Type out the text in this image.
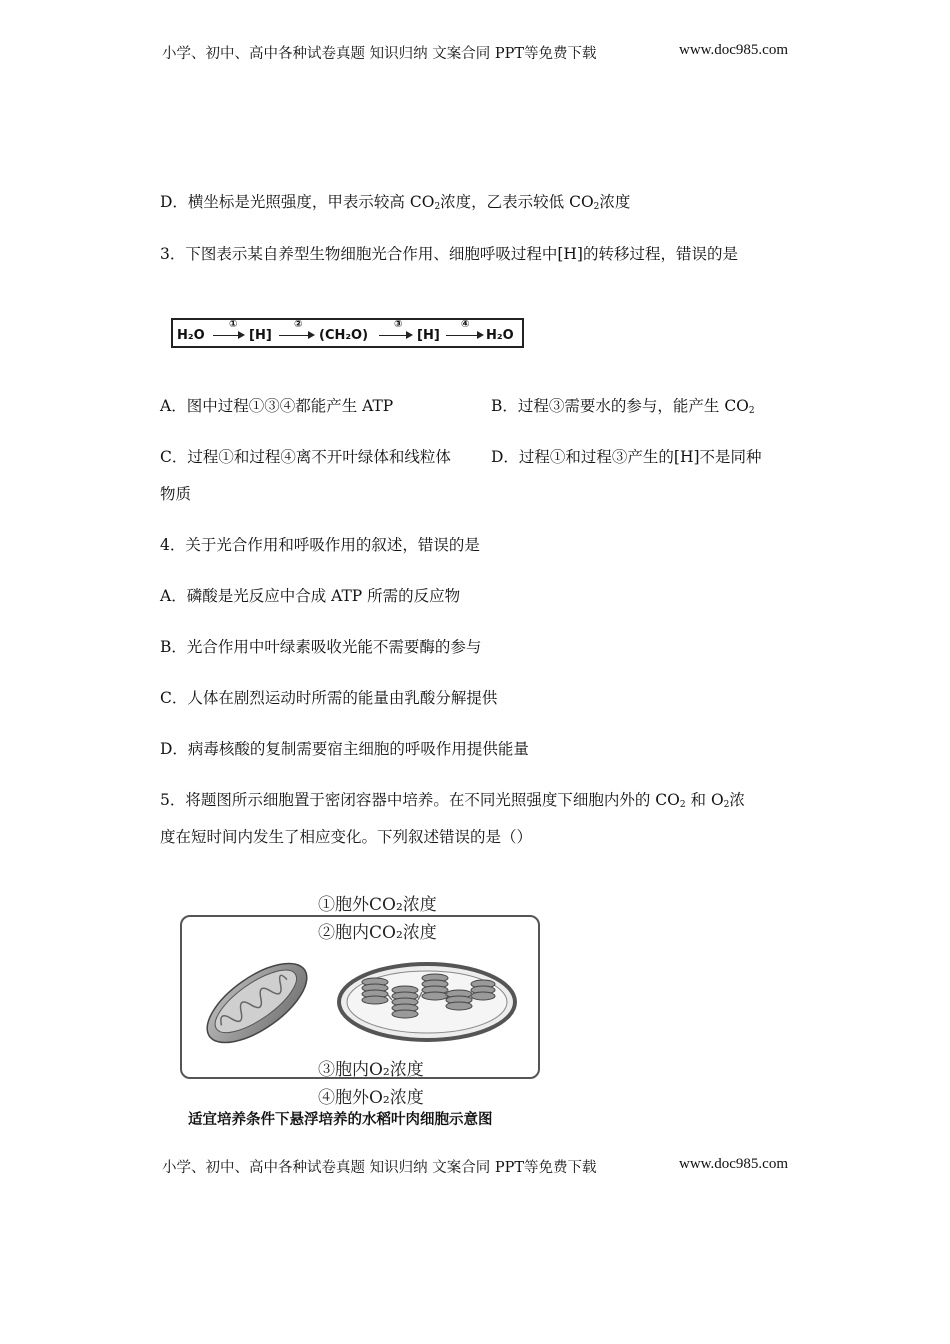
小学、初中、高中各种试卷真题 知识归纳 文案合同 PPT等免费下载	www.doc985.com
D．横坐标是光照强度，甲表示较高 $CO_2$浓度，乙表示较低 $CO_2$浓度
3．下图表示某自养型生物细胞光合作用、细胞呼吸过程中[H]的转移过程，错误的是
H₂O
①
[H]
②
(CH₂O)
③
[H]
④
H₂O
A．图中过程①③④都能产生 ATP	B．过程③需要水的参与，能产生 $CO_2$
C．过程①和过程④离不开叶绿体和线粒体	D．过程①和过程③产生的[H]不是同种
物质
4．关于光合作用和呼吸作用的叙述，错误的是
A．磷酸是光反应中合成 ATP 所需的反应物
B．光合作用中叶绿素吸收光能不需要酶的参与
C．人体在剧烈运动时所需的能量由乳酸分解提供
D．病毒核酸的复制需要宿主细胞的呼吸作用提供能量
5．将题图所示细胞置于密闭容器中培养。在不同光照强度下细胞内外的 $CO_2$ 和 $O_2$浓
度在短时间内发生了相应变化。下列叙述错误的是（）
①胞外CO₂浓度
②胞内CO₂浓度
③胞内O₂浓度
④胞外O₂浓度
适宜培养条件下悬浮培养的水稻叶肉细胞示意图
小学、初中、高中各种试卷真题 知识归纳 文案合同 PPT等免费下载	www.doc985.com
